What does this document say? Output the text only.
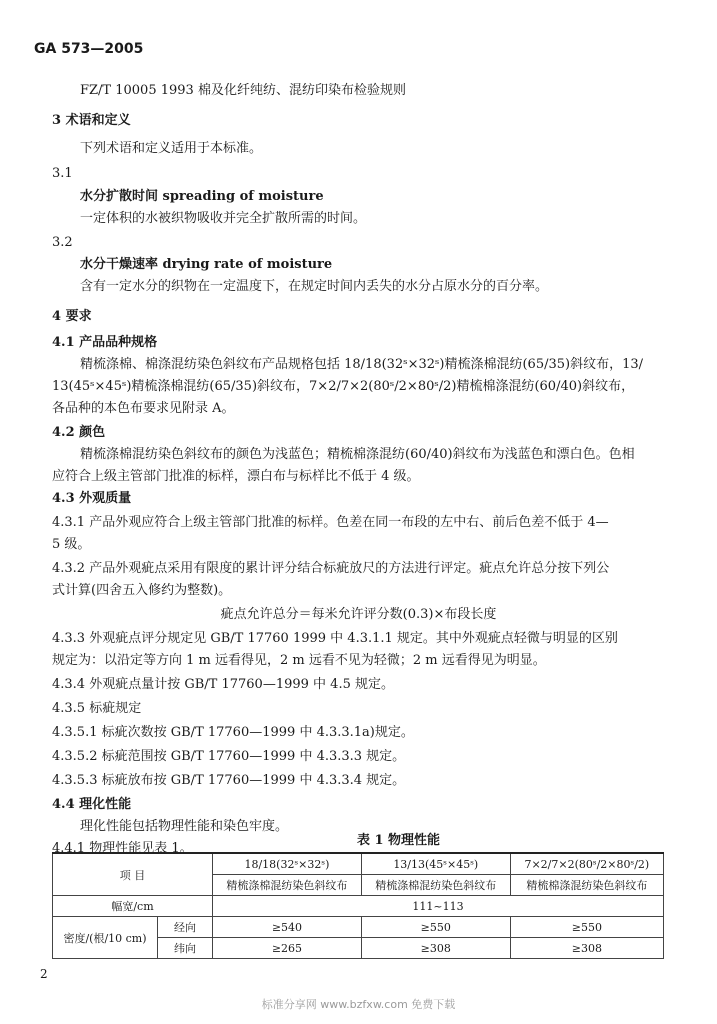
GA 573—2005
FZ/T 10005 1993 棉及化纤纯纺、混纺印染布检验规则
3 术语和定义
下列术语和定义适用于本标准。
3.1
水分扩散时间 spreading of moisture
一定体积的水被织物吸收并完全扩散所需的时间。
3.2
水分干燥速率 drying rate of moisture
含有一定水分的织物在一定温度下，在规定时间内丢失的水分占原水分的百分率。
4 要求
4.1 产品品种规格
精梳涤棉、棉涤混纺染色斜纹布产品规格包括 18/18(32ˢ×32ˢ)精梳涤棉混纺(65/35)斜纹布，13/
13(45ˢ×45ˢ)精梳涤棉混纺(65/35)斜纹布，7×2/7×2(80ˢ/2×80ˢ/2)精梳棉涤混纺(60/40)斜纹布，
各品种的本色布要求见附录 A。
4.2 颜色
精梳涤棉混纺染色斜纹布的颜色为浅蓝色；精梳棉涤混纺(60/40)斜纹布为浅蓝色和漂白色。色相
应符合上级主管部门批准的标样，漂白布与标样比不低于 4 级。
4.3 外观质量
4.3.1 产品外观应符合上级主管部门批准的标样。色差在同一布段的左中右、前后色差不低于 4—
5 级。
4.3.2 产品外观疵点采用有限度的累计评分结合标疵放尺的方法进行评定。疵点允许总分按下列公
式计算(四舍五入修约为整数)。
疵点允许总分＝每米允许评分数(0.3)×布段长度
4.3.3 外观疵点评分规定见 GB/T 17760 1999 中 4.3.1.1 规定。其中外观疵点轻微与明显的区别
规定为：以沿定等方向 1 m 远看得见，2 m 远看不见为轻微；2 m 远看得见为明显。
4.3.4 外观疵点量计按 GB/T 17760—1999 中 4.5 规定。
4.3.5 标疵规定
4.3.5.1 标疵次数按 GB/T 17760—1999 中 4.3.3.1a)规定。
4.3.5.2 标疵范围按 GB/T 17760—1999 中 4.3.3.3 规定。
4.3.5.3 标疵放布按 GB/T 17760—1999 中 4.3.3.4 规定。
4.4 理化性能
理化性能包括物理性能和染色牢度。
4.4.1 物理性能见表 1。
表 1 物理性能
项 目		18/18(32ˢ×32ˢ)	13/13(45ˢ×45ˢ)	7×2/7×2(80ˢ/2×80ˢ/2)
		精梳涤棉混纺染色斜纹布	精梳涤棉混纺染色斜纹布	精梳棉涤混纺染色斜纹布
幅宽/cm		111~113		
密度/(根/10 cm)	经向	≥540	≥550	≥550
	纬向	≥265	≥308	≥308
2
标准分享网 www.bzfxw.com 免费下载
